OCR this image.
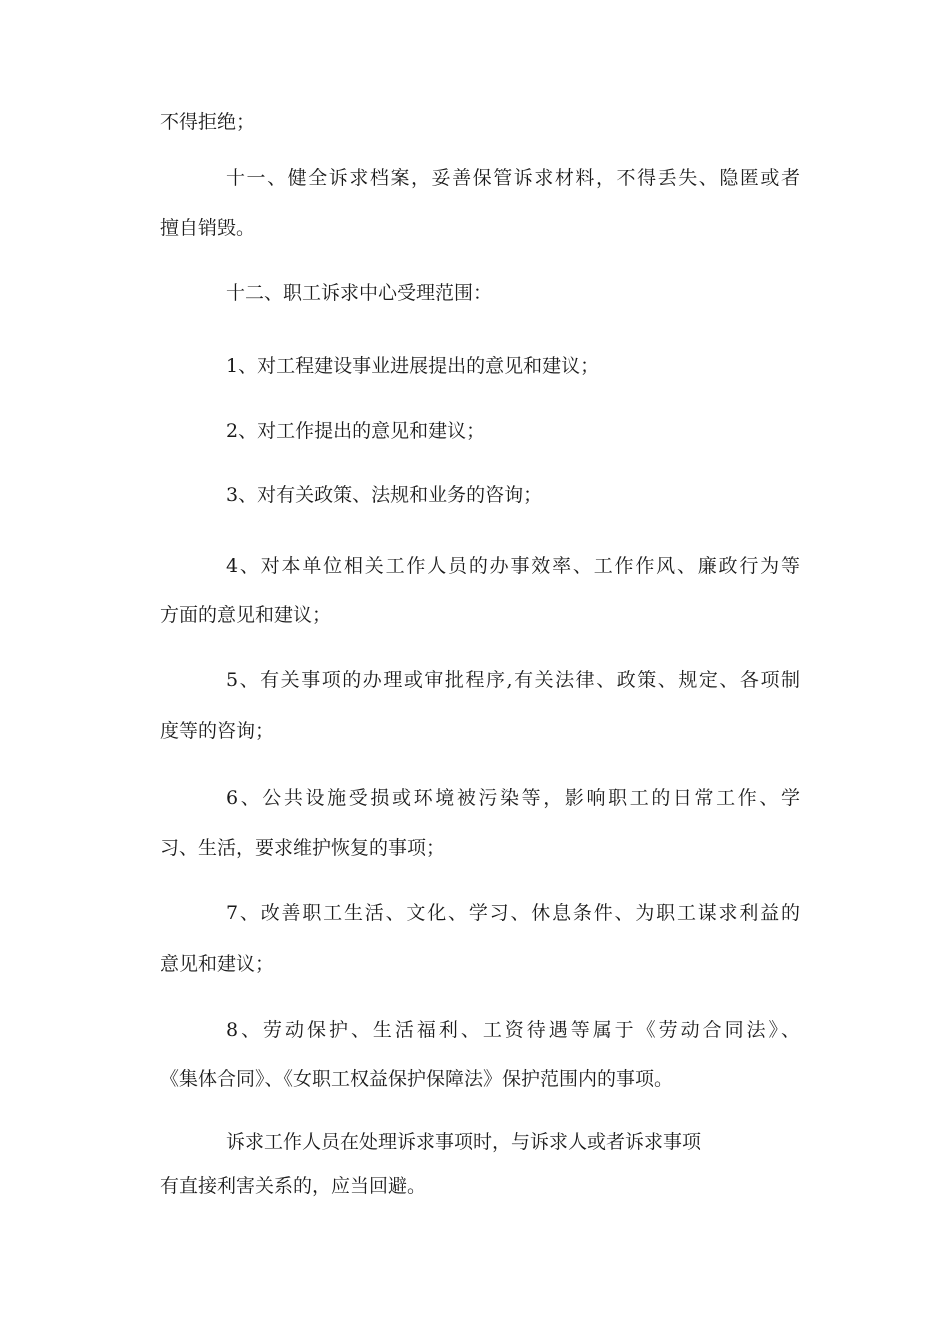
不得拒绝；
十一、健全诉求档案，妥善保管诉求材料，不得丢失、隐匿或者
擅自销毁。
十二、职工诉求中心受理范围：
1、对工程建设事业进展提出的意见和建议；
2、对工作提出的意见和建议；
3、对有关政策、法规和业务的咨询；
4、对本单位相关工作人员的办事效率、工作作风、廉政行为等
方面的意见和建议；
5、有关事项的办理或审批程序,有关法律、政策、规定、各项制
度等的咨询；
6、公共设施受损或环境被污染等，影响职工的日常工作、学
习、生活，要求维护恢复的事项；
7、改善职工生活、文化、学习、休息条件、为职工谋求利益的
意见和建议；
8、劳动保护、生活福利、工资待遇等属于《劳动合同法》、
《集体合同》、《女职工权益保护保障法》保护范围内的事项。
诉求工作人员在处理诉求事项时，与诉求人或者诉求事项
有直接利害关系的，应当回避。
